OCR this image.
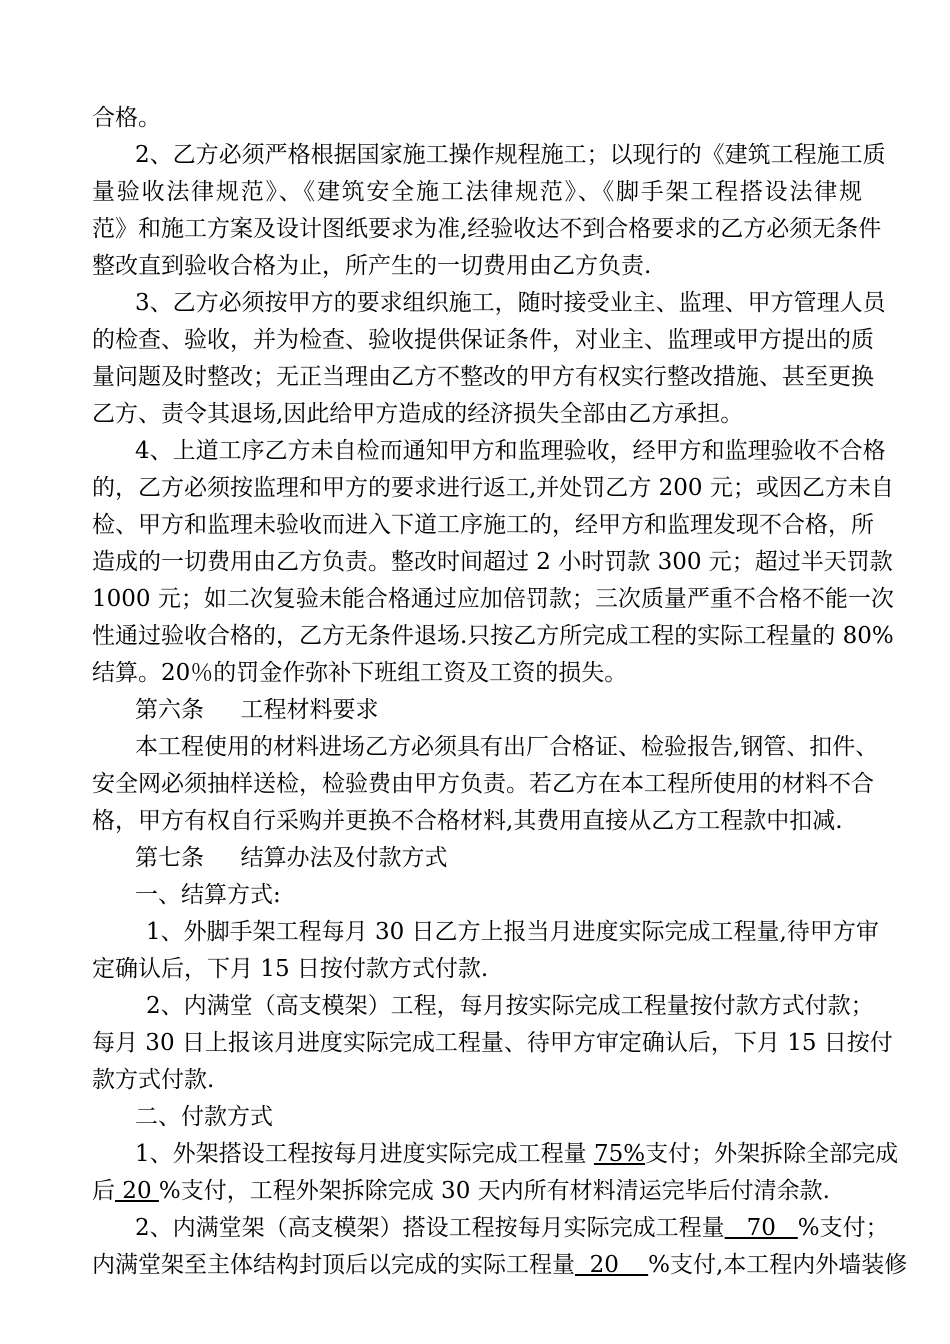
合格。
2、乙方必须严格根据国家施工操作规程施工；以现行的《建筑工程施工质
量验收法律规范》、《建筑安全施工法律规范》、《脚手架工程搭设法律规
范》和施工方案及设计图纸要求为准,经验收达不到合格要求的乙方必须无条件
整改直到验收合格为止，所产生的一切费用由乙方负责.
3、乙方必须按甲方的要求组织施工，随时接受业主、监理、甲方管理人员
的检查、验收，并为检查、验收提供保证条件，对业主、监理或甲方提出的质
量问题及时整改；无正当理由乙方不整改的甲方有权实行整改措施、甚至更换
乙方、责令其退场,因此给甲方造成的经济损失全部由乙方承担。
4、上道工序乙方未自检而通知甲方和监理验收，经甲方和监理验收不合格
的，乙方必须按监理和甲方的要求进行返工,并处罚乙方 200 元；或因乙方未自
检、甲方和监理未验收而进入下道工序施工的，经甲方和监理发现不合格，所
造成的一切费用由乙方负责。整改时间超过 2 小时罚款 300 元；超过半天罚款
1000 元；如二次复验未能合格通过应加倍罚款；三次质量严重不合格不能一次
性通过验收合格的，乙方无条件退场.只按乙方所完成工程的实际工程量的 80%
结算。20％的罚金作弥补下班组工资及工资的损失。
第六条     工程材料要求
本工程使用的材料进场乙方必须具有出厂合格证、检验报告,钢管、扣件、
安全网必须抽样送检，检验费由甲方负责。若乙方在本工程所使用的材料不合
格，甲方有权自行采购并更换不合格材料,其费用直接从乙方工程款中扣减.
第七条     结算办法及付款方式
一、结算方式:
1、外脚手架工程每月 30 日乙方上报当月进度实际完成工程量,待甲方审
定确认后，下月 15 日按付款方式付款.
2、内满堂（高支模架）工程，每月按实际完成工程量按付款方式付款；
每月 30 日上报该月进度实际完成工程量、待甲方审定确认后，下月 15 日按付
款方式付款.
二、付款方式
1、外架搭设工程按每月进度实际完成工程量 75%支付；外架拆除全部完成
后 20 %支付，工程外架拆除完成 30 天内所有材料清运完毕后付清余款.
2、内满堂架（高支模架）搭设工程按每月实际完成工程量   70   %支付；
内满堂架至主体结构封顶后以完成的实际工程量  20    %支付,本工程内外墙装修
